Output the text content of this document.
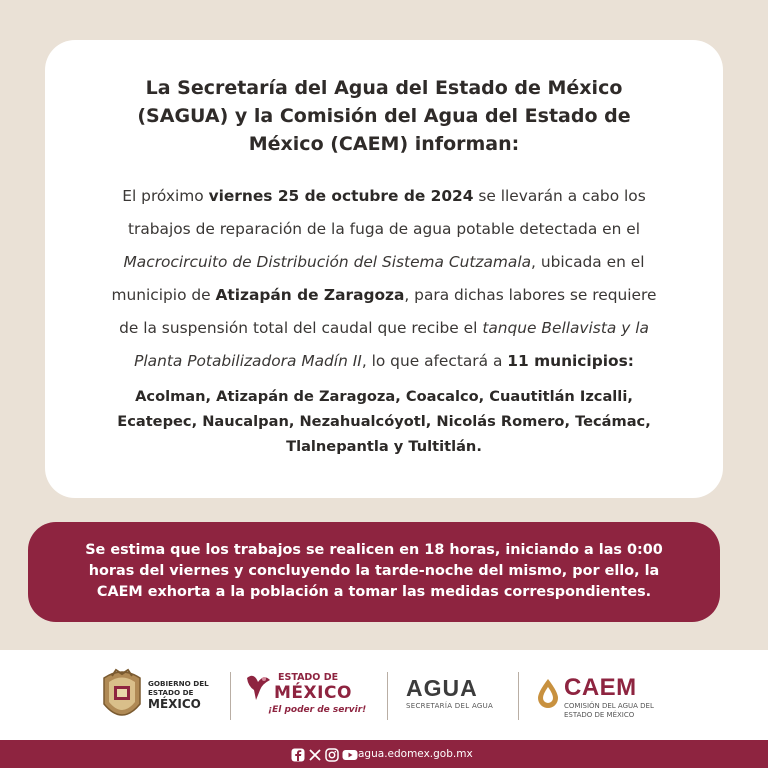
La Secretaría del Agua del Estado de México
(SAGUA) y la Comisión del Agua del Estado de
México (CAEM) informan:
El próximo viernes 25 de octubre de 2024 se llevarán a cabo los
trabajos de reparación de la fuga de agua potable detectada en el
Macrocircuito de Distribución del Sistema Cutzamala, ubicada en el
municipio de Atizapán de Zaragoza, para dichas labores se requiere
de la suspensión total del caudal que recibe el tanque Bellavista y la
Planta Potabilizadora Madín II, lo que afectará a 11 municipios:
Acolman, Atizapán de Zaragoza, Coacalco, Cuautitlán Izcalli,
Ecatepec, Naucalpan, Nezahualcóyotl, Nicolás Romero, Tecámac,
Tlalnepantla y Tultitlán.
Se estima que los trabajos se realicen en 18 horas, iniciando a las 0:00
horas del viernes y concluyendo la tarde-noche del mismo, por ello, la
CAEM exhorta a la población a tomar las medidas correspondientes.
GOBIERNO DEL
ESTADO DE
MÉXICO
ESTADO DE
MÉXICO
¡El poder de servir!
AGUA
SECRETARÍA DEL AGUA
CAEM
COMISIÓN DEL AGUA DEL
ESTADO DE MÉXICO
agua.edomex.gob.mx
